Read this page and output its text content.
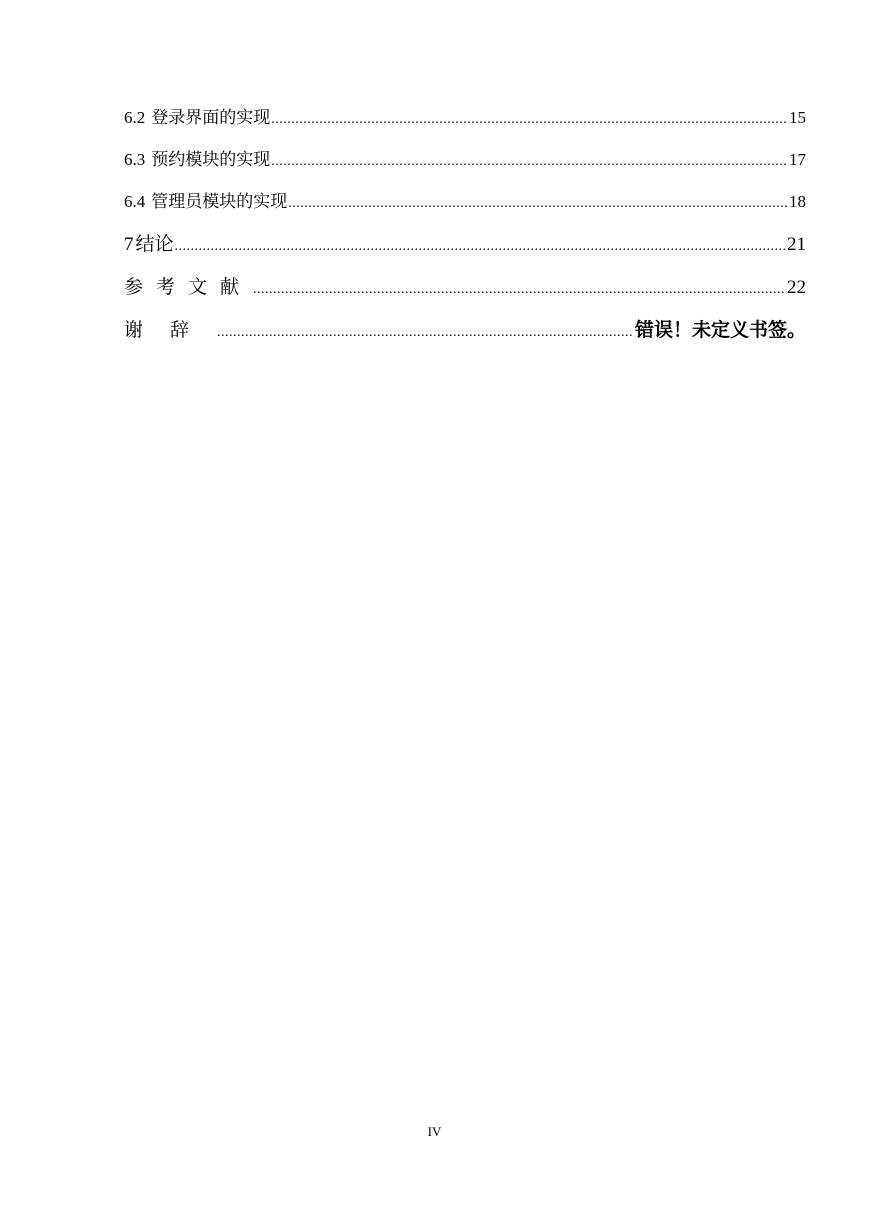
6.2 登录界面的实现 .....	15
6.3 预约模块的实现 .....	17
6.4 管理员模块的实现 .....	18
7 结论 .....	21
参考文献 .....	22
谢辞 .....	错误！未定义书签。
IV
